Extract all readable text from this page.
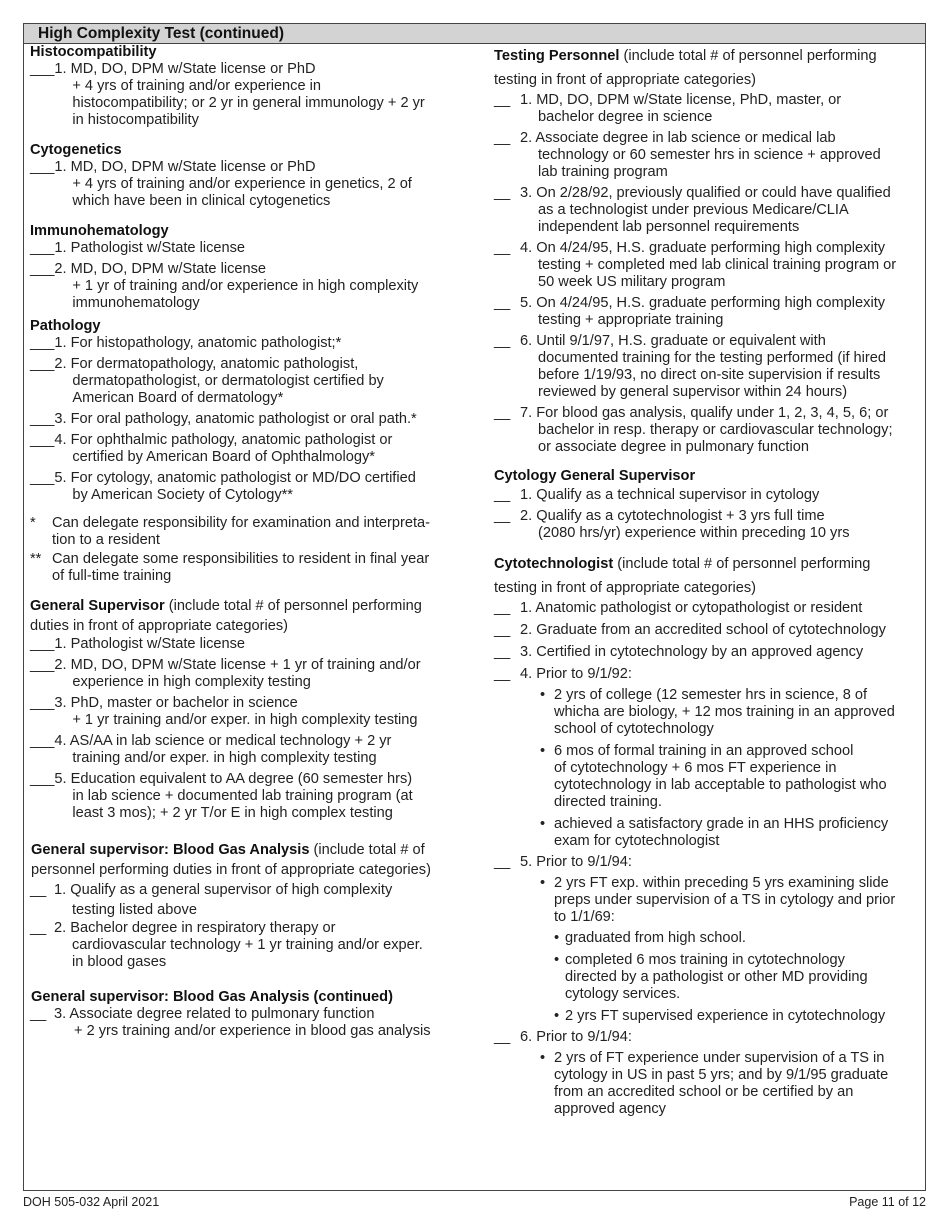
High Complexity Test (continued)
Histocompatibility
___ 1. MD, DO, DPM w/State license or PhD
+ 4 yrs of training and/or experience in
histocompatibility; or 2 yr in general immunology + 2 yr
in histocompatibility
Cytogenetics
___ 1. MD, DO, DPM w/State license or PhD
+ 4 yrs of training and/or experience in genetics, 2 of
which have been in clinical cytogenetics
Immunohematology
___ 1. Pathologist w/State license
___ 2. MD, DO, DPM w/State license
+ 1 yr of training and/or experience in high complexity
immunohematology
Pathology
___ 1. For histopathology, anatomic pathologist;*
___ 2. For dermatopathology, anatomic pathologist,
dermatopathologist, or dermatologist certified by
American Board of dermatology*
___ 3. For oral pathology, anatomic pathologist or oral path.*
___ 4. For ophthalmic pathology, anatomic pathologist or
certified by American Board of Ophthalmology*
___ 5. For cytology, anatomic pathologist or MD/DO certified
by American Society of Cytology**
*	Can delegate responsibility for examination and interpreta-
tion to a resident
** Can delegate some responsibilities to resident in final year
of full-time training
General Supervisor (include total # of personnel performing
duties in front of appropriate categories)
___ 1. Pathologist w/State license
___ 2. MD, DO, DPM w/State license + 1 yr of training and/or
experience in high complexity testing
___ 3. PhD, master or bachelor in science
+ 1 yr training and/or exper. in high complexity testing
___ 4. AS/AA in lab science or medical technology + 2 yr
training and/or exper. in high complexity testing
___ 5. Education equivalent to AA degree (60 semester hrs)
in lab science + documented lab training program (at
least 3 mos); + 2 yr T/or E in high complex testing
General supervisor: Blood Gas Analysis (include total # of
personnel performing duties in front of appropriate categories)
__ 1. Qualify as a general supervisor of high complexity
testing listed above
__ 2. Bachelor degree in respiratory therapy or
cardiovascular technology + 1 yr training and/or exper.
in blood gases
General supervisor: Blood Gas Analysis (continued)
__ 3. Associate degree related to pulmonary function
+ 2 yrs training and/or experience in blood gas analysis
Testing Personnel (include total # of personnel performing
testing in front of appropriate categories)
__ 1. MD, DO, DPM w/State license, PhD, master, or
bachelor degree in science
__ 2. Associate degree in lab science or medical lab
technology or 60 semester hrs in science + approved
lab training program
__ 3. On 2/28/92, previously qualified or could have qualified
as a technologist under previous Medicare/CLIA
independent lab personnel requirements
__ 4. On 4/24/95, H.S. graduate performing high complexity
testing + completed med lab clinical training program or
50 week US military program
__ 5. On 4/24/95, H.S. graduate performing high complexity
testing + appropriate training
__ 6. Until 9/1/97, H.S. graduate or equivalent with
documented training for the testing performed (if hired
before 1/19/93, no direct on-site supervision if results
reviewed by general supervisor within 24 hours)
__ 7. For blood gas analysis, qualify under 1, 2, 3, 4, 5, 6; or
bachelor in resp. therapy or cardiovascular technology;
or associate degree in pulmonary function
Cytology General Supervisor
__ 1. Qualify as a technical supervisor in cytology
__ 2. Qualify as a cytotechnologist + 3 yrs full time
(2080 hrs/yr) experience within preceding 10 yrs
Cytotechnologist (include total # of personnel performing
testing in front of appropriate categories)
__ 1. Anatomic pathologist or cytopathologist or resident
__ 2. Graduate from an accredited school of cytotechnology
__ 3. Certified in cytotechnology by an approved agency
__ 4. Prior to 9/1/92:
• 2 yrs of college (12 semester hrs in science, 8 of
whicha are biology, + 12 mos training in an approved
school of cytotechnology
• 6 mos of formal training in an approved school
of cytotechnology + 6 mos FT experience in
cytotechnology in lab acceptable to pathologist who
directed training.
• achieved a satisfactory grade in an HHS proficiency
exam for cytotechnologist
__ 5. Prior to 9/1/94:
• 2 yrs FT exp. within preceding 5 yrs examining slide
preps under supervision of a TS in cytology and prior
to 1/1/69:
• graduated from high school.
• completed 6 mos training in cytotechnology
directed by a pathologist or other MD providing
cytology services.
• 2 yrs FT supervised experience in cytotechnology
__ 6. Prior to 9/1/94:
• 2 yrs of FT experience under supervision of a TS in
cytology in US in past 5 yrs; and by 9/1/95 graduate
from an accredited school or be certified by an
approved agency
DOH 505-032 April 2021	Page 11 of 12
